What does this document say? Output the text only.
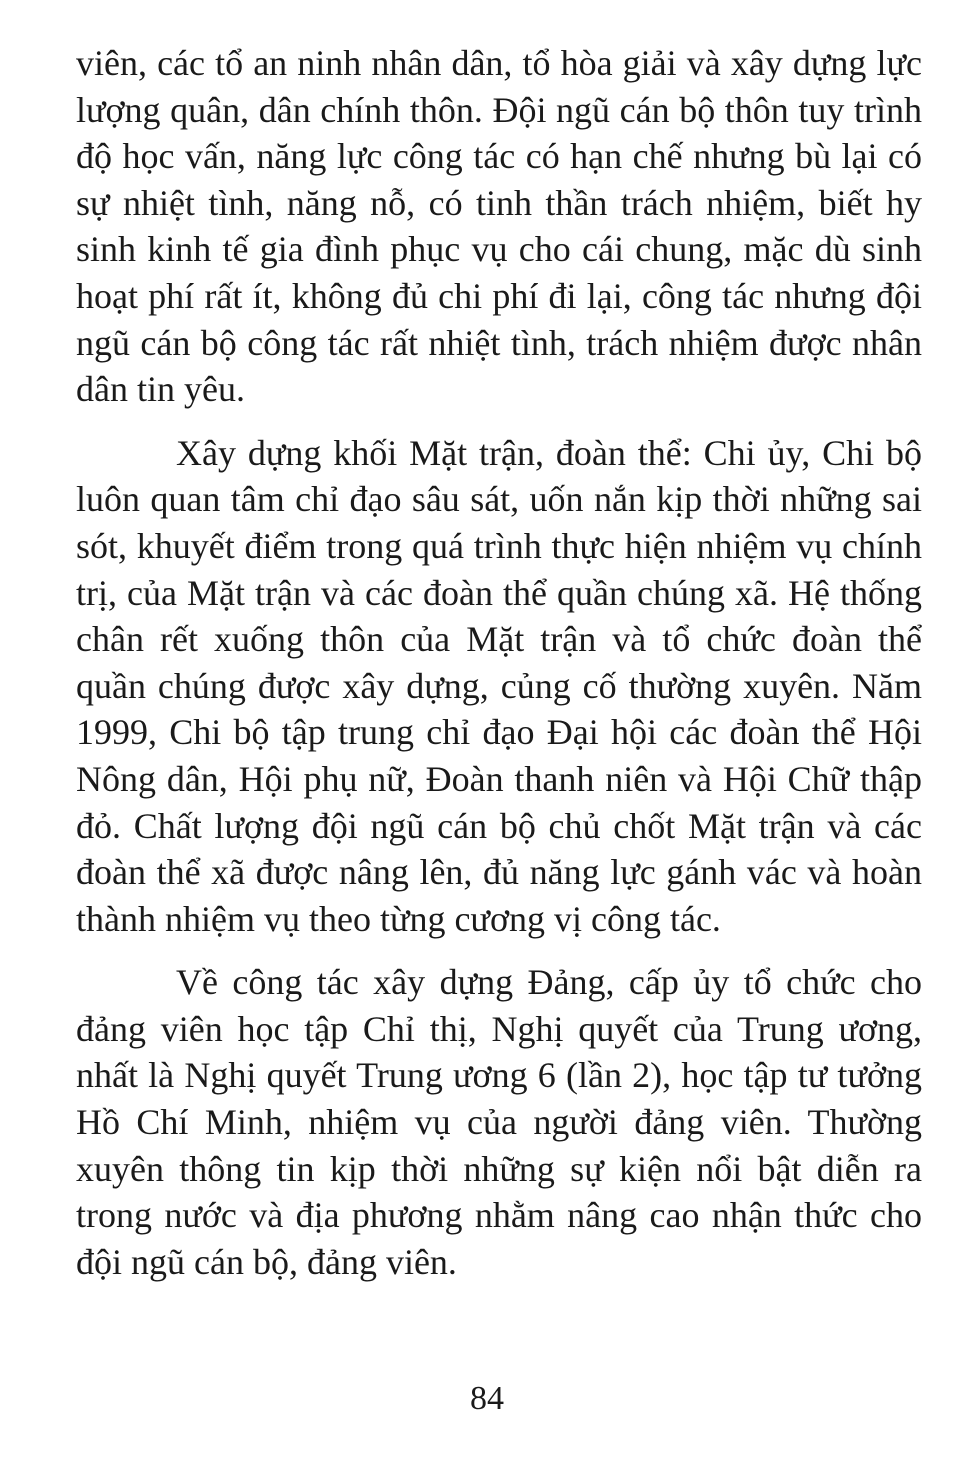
viên, các tổ an ninh nhân dân, tổ hòa giải và xây dựng lực lượng quân, dân chính thôn. Đội ngũ cán bộ thôn tuy trình độ học vấn, năng lực công tác có hạn chế nhưng bù lại có sự nhiệt tình, năng nỗ, có tinh thần trách nhiệm, biết hy sinh kinh tế gia đình phục vụ cho cái chung, mặc dù sinh hoạt phí rất ít, không đủ chi phí đi lại, công tác nhưng đội ngũ cán bộ công tác rất nhiệt tình, trách nhiệm được nhân dân tin yêu.

Xây dựng khối Mặt trận, đoàn thể: Chi ủy, Chi bộ luôn quan tâm chỉ đạo sâu sát, uốn nắn kịp thời những sai sót, khuyết điểm trong quá trình thực hiện nhiệm vụ chính trị, của Mặt trận và các đoàn thể quần chúng xã. Hệ thống chân rết xuống thôn của Mặt trận và tổ chức đoàn thể quần chúng được xây dựng, củng cố thường xuyên. Năm 1999, Chi bộ tập trung chỉ đạo Đại hội các đoàn thể Hội Nông dân, Hội phụ nữ, Đoàn thanh niên và Hội Chữ thập đỏ. Chất lượng đội ngũ cán bộ chủ chốt Mặt trận và các đoàn thể xã được nâng lên, đủ năng lực gánh vác và hoàn thành nhiệm vụ theo từng cương vị công tác.

Về công tác xây dựng Đảng, cấp ủy tổ chức cho đảng viên học tập Chỉ thị, Nghị quyết của Trung ương, nhất là Nghị quyết Trung ương 6 (lần 2), học tập tư tưởng Hồ Chí Minh, nhiệm vụ của người đảng viên. Thường xuyên thông tin kịp thời những sự kiện nổi bật diễn ra trong nước và địa phương nhằm nâng cao nhận thức cho đội ngũ cán bộ, đảng viên.

84
